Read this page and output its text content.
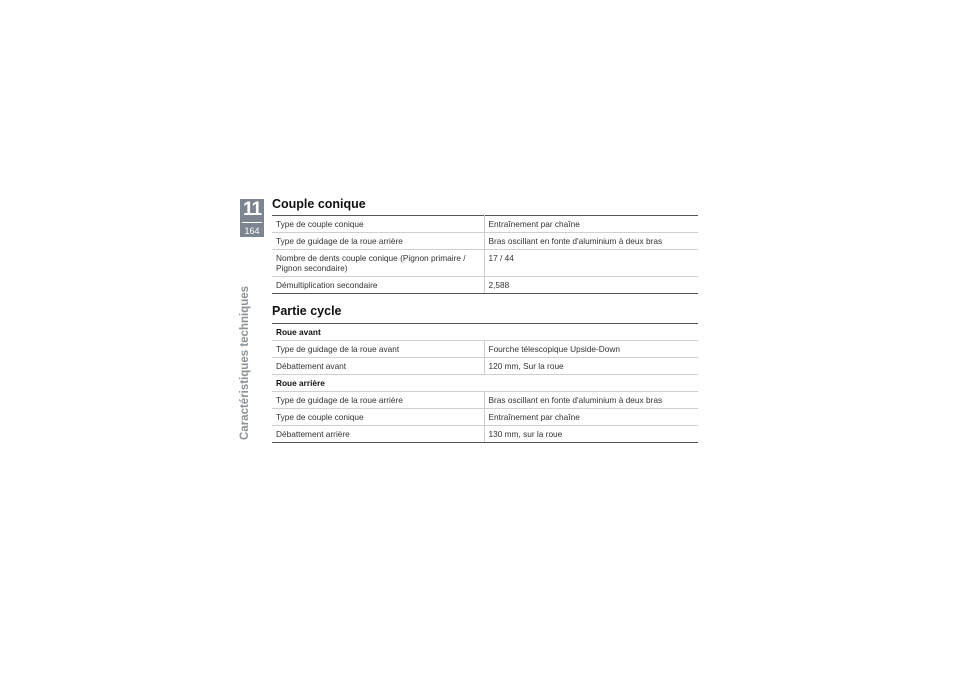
11
164
Caractéristiques techniques
Couple conique
Type de couple conique	Entraînement par chaîne
Type de guidage de la roue arrière	Bras oscillant en fonte d'aluminium à deux bras
Nombre de dents couple conique (Pignon primaire / Pignon secondaire)	17 / 44
Démultiplication secondaire	2,588
Partie cycle
Roue avant	
Type de guidage de la roue avant	Fourche télescopique Upside-Down
Débattement avant	120 mm, Sur la roue
Roue arrière	
Type de guidage de la roue arrière	Bras oscillant en fonte d'aluminium à deux bras
Type de couple conique	Entraînement par chaîne
Débattement arrière	130 mm, sur la roue
